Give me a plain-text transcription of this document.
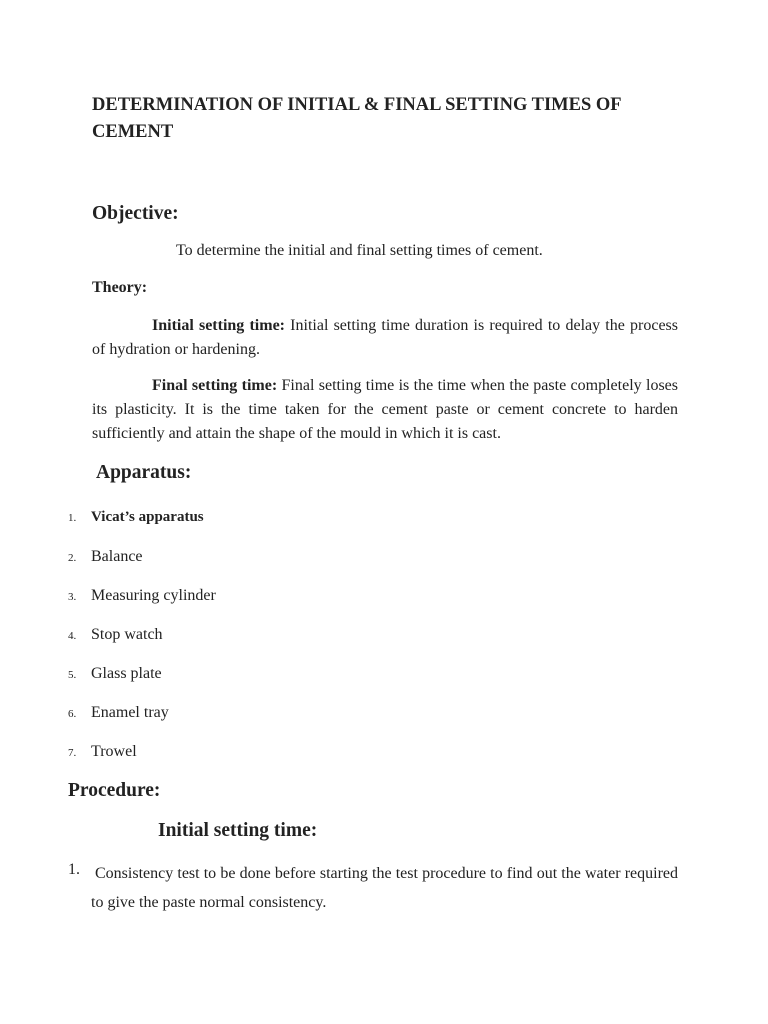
DETERMINATION OF INITIAL & FINAL SETTING TIMES OF CEMENT
Objective:
To determine the initial and final setting times of cement.
Theory:
Initial setting time: Initial setting time duration is required to delay the process of hydration or hardening.
Final setting time: Final setting time is the time when the paste completely loses its plasticity. It is the time taken for the cement paste or cement concrete to harden sufficiently and attain the shape of the mould in which it is cast.
Apparatus:
1. Vicat’s apparatus
2. Balance
3. Measuring cylinder
4. Stop watch
5. Glass plate
6. Enamel tray
7. Trowel
Procedure:
Initial setting time:
1. Consistency test to be done before starting the test procedure to find out the water required to give the paste normal consistency.
